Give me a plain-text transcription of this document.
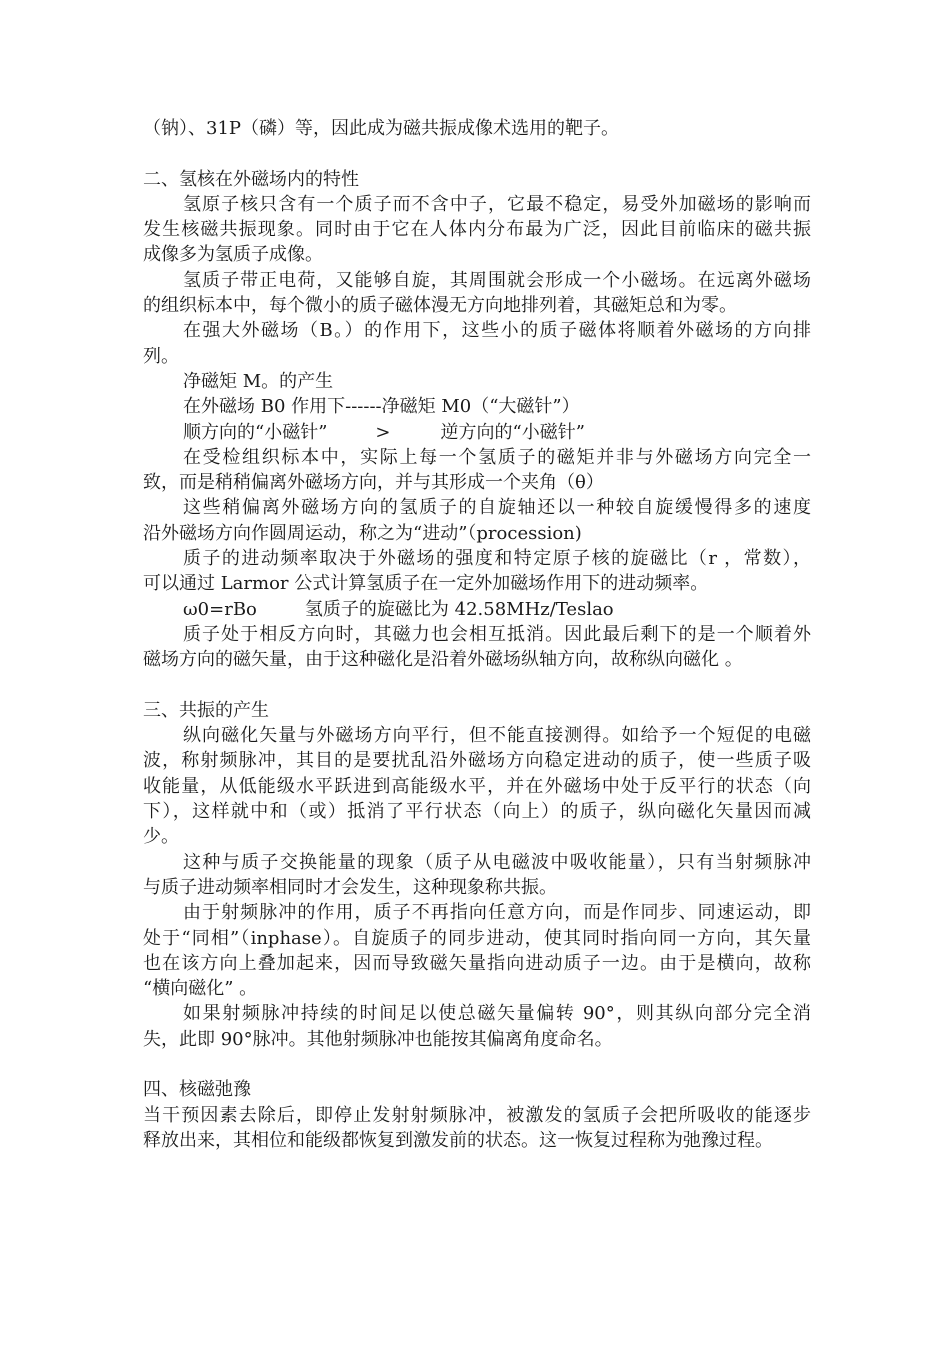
（钠）、31P（磷）等，因此成为磁共振成像术选用的靶子。
二、氢核在外磁场内的特性
氢原子核只含有一个质子而不含中子，它最不稳定，易受外加磁场的影响而
发生核磁共振现象。同时由于它在人体内分布最为广泛，因此目前临床的磁共振
成像多为氢质子成像。
氢质子带正电荷，又能够自旋，其周围就会形成一个小磁场。在远离外磁场
的组织标本中，每个微小的质子磁体漫无方向地排列着，其磁矩总和为零。
在强大外磁场（B。）的作用下，这些小的质子磁体将顺着外磁场的方向排
列。
净磁矩 M。的产生
在外磁场 B0 作用下------净磁矩 M0（“大磁针”）
顺方向的“小磁针”	>	逆方向的“小磁针”
在受检组织标本中，实际上每一个氢质子的磁矩并非与外磁场方向完全一
致，而是稍稍偏离外磁场方向，并与其形成一个夹角（θ）
这些稍偏离外磁场方向的氢质子的自旋轴还以一种较自旋缓慢得多的速度
沿外磁场方向作圆周运动，称之为“进动”（procession)
质子的进动频率取决于外磁场的强度和特定原子核的旋磁比（r ，常数），
可以通过 Larmor 公式计算氢质子在一定外加磁场作用下的进动频率。
ω0=rBo	氢质子的旋磁比为 42.58MHz/Teslao
质子处于相反方向时，其磁力也会相互抵消。因此最后剩下的是一个顺着外
磁场方向的磁矢量，由于这种磁化是沿着外磁场纵轴方向，故称纵向磁化 。
三、共振的产生
纵向磁化矢量与外磁场方向平行，但不能直接测得。如给予一个短促的电磁
波，称射频脉冲，其目的是要扰乱沿外磁场方向稳定进动的质子，使一些质子吸
收能量，从低能级水平跃进到高能级水平，并在外磁场中处于反平行的状态（向
下），这样就中和（或）抵消了平行状态（向上）的质子，纵向磁化矢量因而减
少。
这种与质子交换能量的现象（质子从电磁波中吸收能量），只有当射频脉冲
与质子进动频率相同时才会发生，这种现象称共振。
由于射频脉冲的作用，质子不再指向任意方向，而是作同步、同速运动，即
处于“同相”（inphase）。自旋质子的同步进动，使其同时指向同一方向，其矢量
也在该方向上叠加起来，因而导致磁矢量指向进动质子一边。由于是横向，故称
“横向磁化” 。
如果射频脉冲持续的时间足以使总磁矢量偏转 90°，则其纵向部分完全消
失，此即 90°脉冲。其他射频脉冲也能按其偏离角度命名。
四、核磁弛豫
当干预因素去除后，即停止发射射频脉冲，被激发的氢质子会把所吸收的能逐步
释放出来，其相位和能级都恢复到激发前的状态。这一恢复过程称为弛豫过程。
